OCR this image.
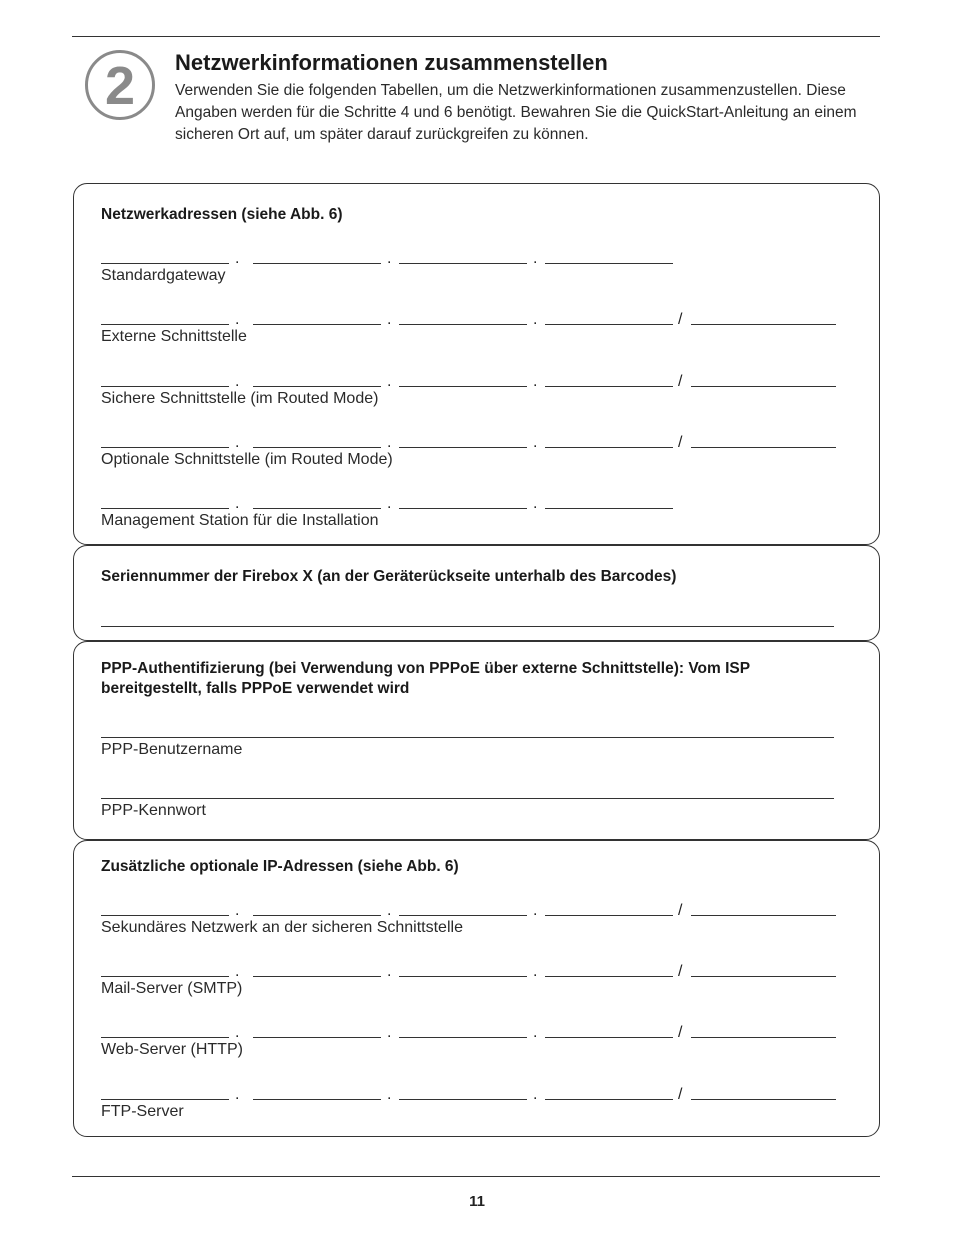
2 Netzwerkinformationen zusammenstellen

Verwenden Sie die folgenden Tabellen, um die Netzwerkinformationen zusammenzustellen. Diese Angaben werden für die Schritte 4 und 6 benötigt. Bewahren Sie die QuickStart-Anleitung an einem sicheren Ort auf, um später darauf zurückgreifen zu können.

Netzwerkadressen (siehe Abb. 6)

.	.	.

Standardgateway

.	.	.	/

Externe Schnittstelle

.	.	.	/

Sichere Schnittstelle (im Routed Mode)

.	.	.	/

Optionale Schnittstelle (im Routed Mode)

.	.	.

Management Station für die Installation

Seriennummer der Firebox X (an der Geräterückseite unterhalb des Barcodes)

PPP-Authentifizierung (bei Verwendung von PPPoE über externe Schnittstelle): Vom ISP

bereitgestellt, falls PPPoE verwendet wird

PPP-Benutzername

PPP-Kennwort

Zusätzliche optionale IP-Adressen (siehe Abb. 6)

.	.	.	/

Sekundäres Netzwerk an der sicheren Schnittstelle

.	.	.	/

Mail-Server (SMTP)

.	.	.	/

Web-Server (HTTP)

.	.	.	/

FTP-Server

11
